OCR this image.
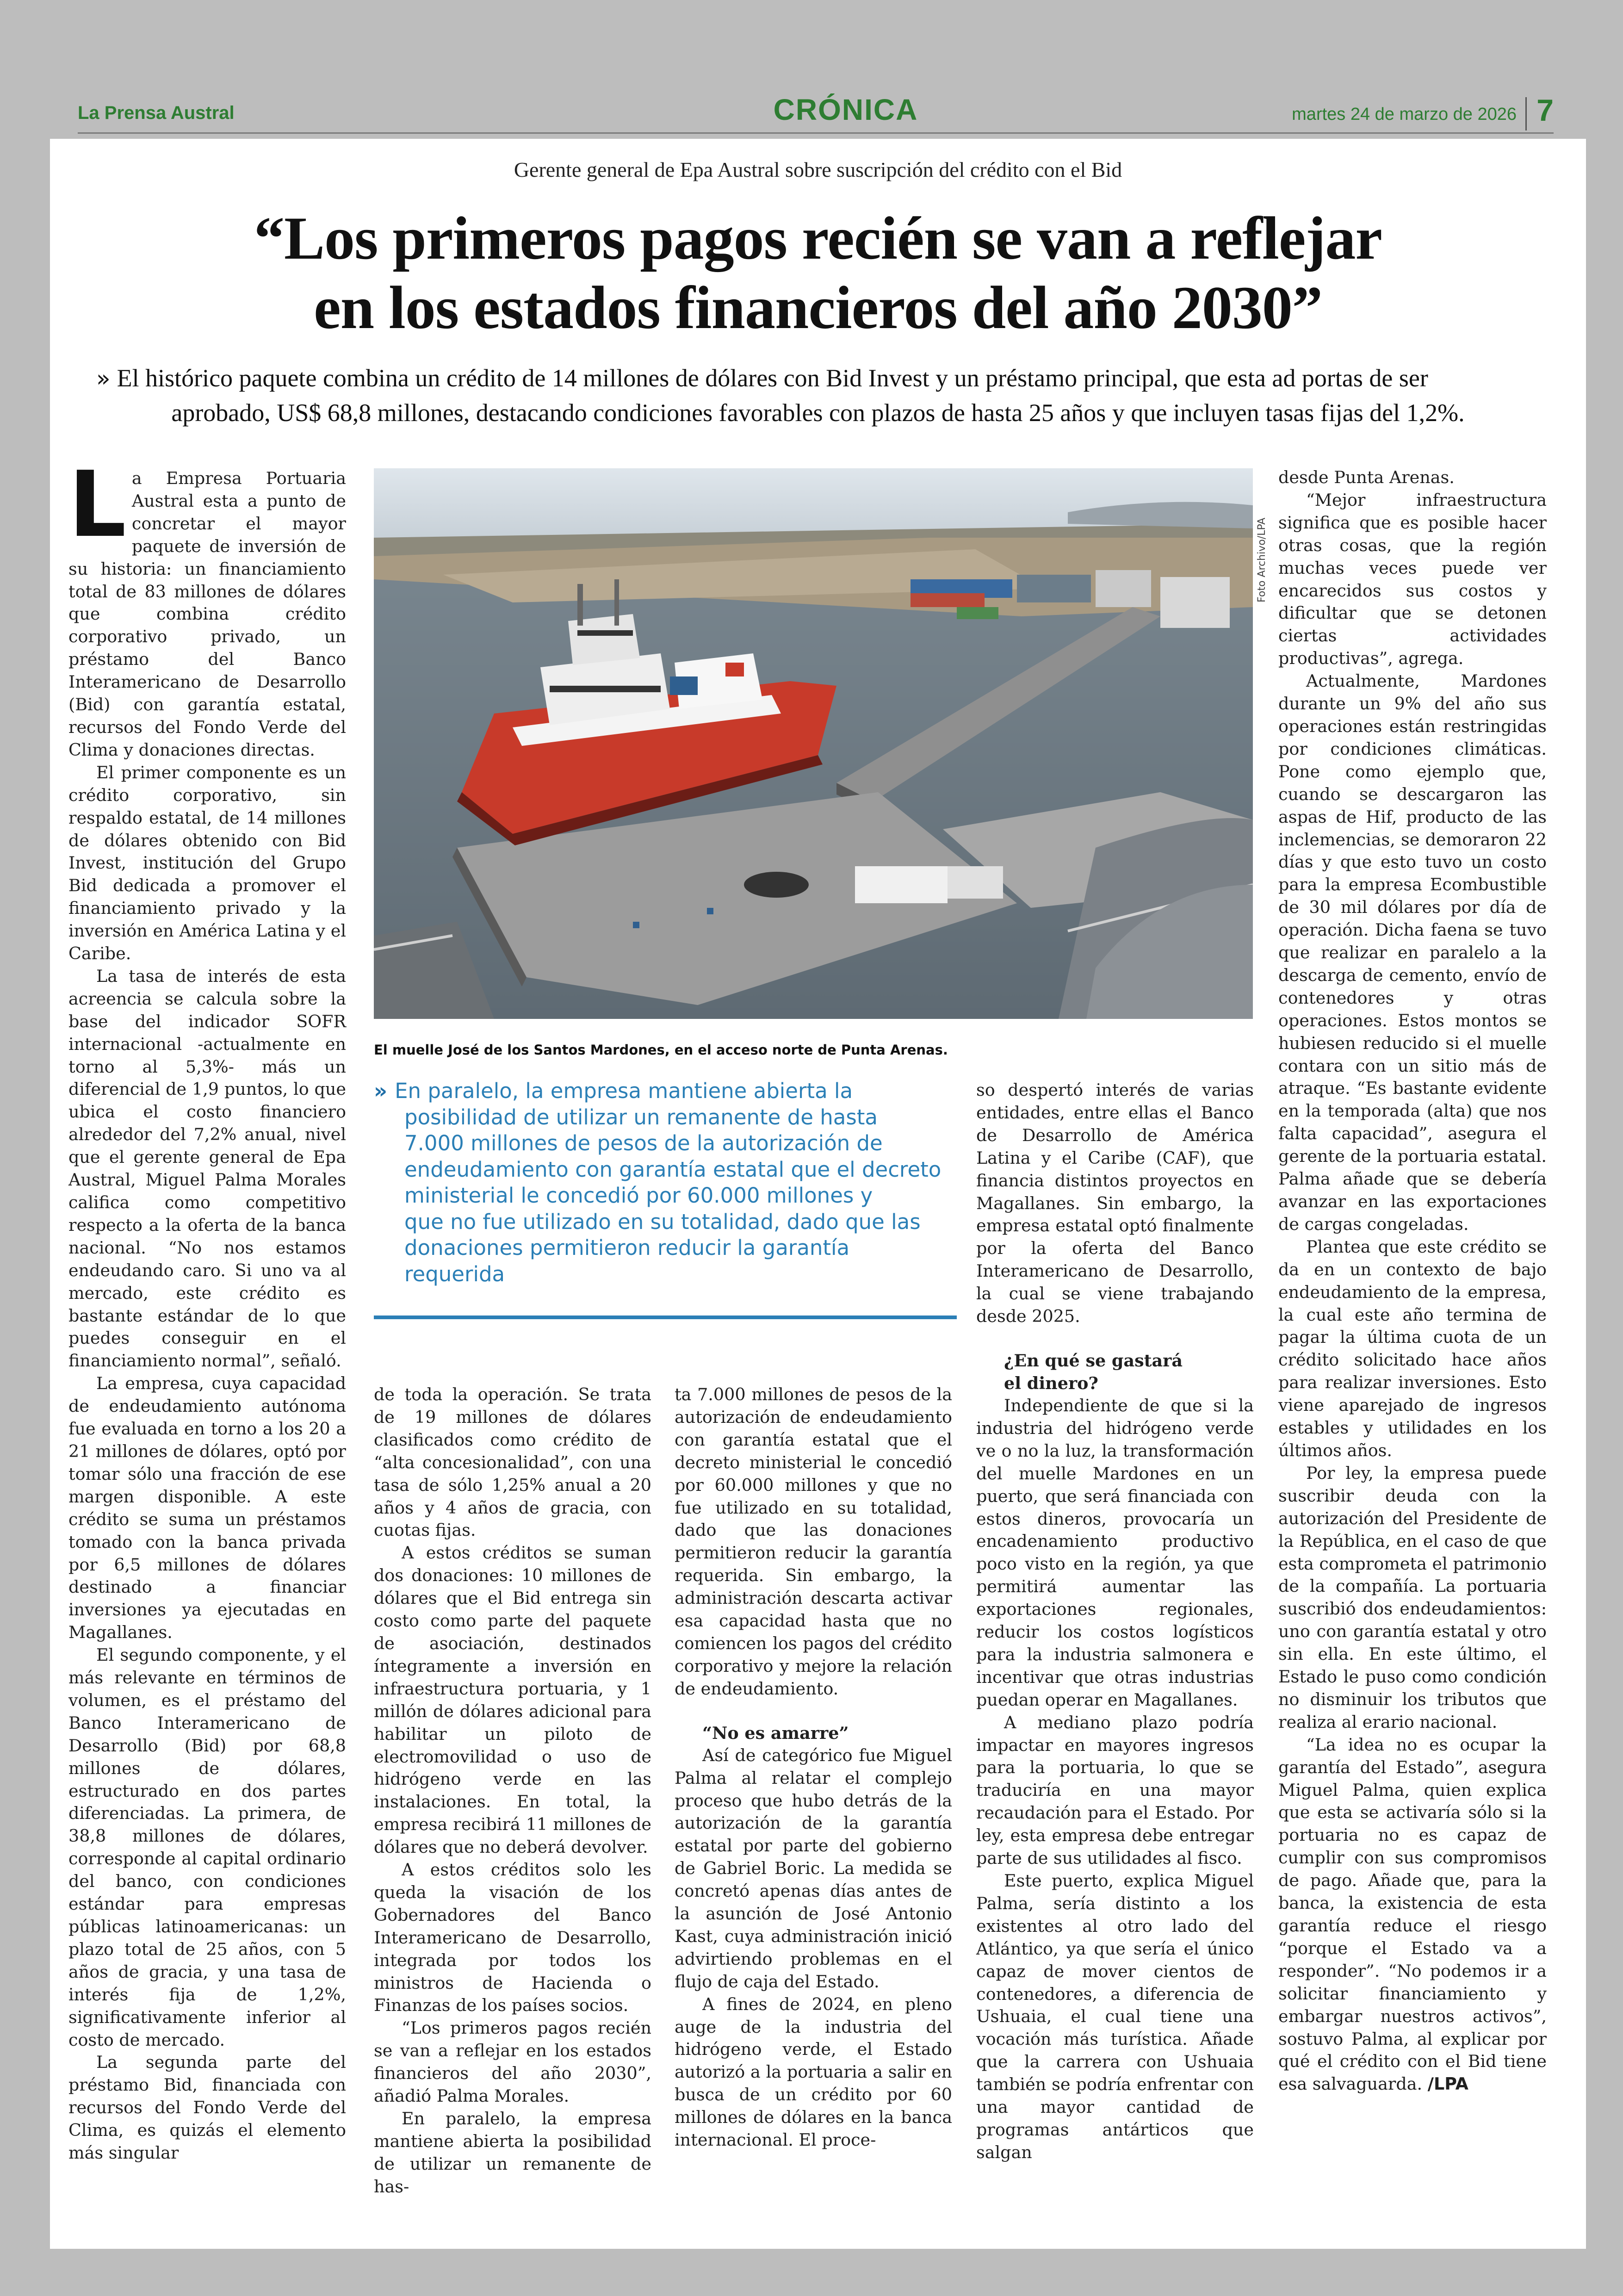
La Prensa Austral	CRÓNICA	martes 24 de marzo de 2026 7
Gerente general de Epa Austral sobre suscripción del crédito con el Bid
“Los primeros pagos recién se van a reflejar
en los estados financieros del año 2030”
» El histórico paquete combina un crédito de 14 millones de dólares con Bid Invest y un préstamo principal, que esta ad portas de ser
aprobado, US$ 68,8 millones, destacando condiciones favorables con plazos de hasta 25 años y que incluyen tasas fijas del 1,2%.

La Empresa Portuaria Austral esta a punto de concretar el mayor paquete de inversión de su historia: un financiamiento total de 83 millones de dólares que combina crédito corporativo privado, un préstamo del Banco Interamericano de Desarrollo (Bid) con garantía estatal, recursos del Fondo Verde del Clima y donaciones directas.

El primer componente es un crédito corporativo, sin respaldo estatal, de 14 millones de dólares obtenido con Bid Invest, institución del Grupo Bid dedicada a promover el financiamiento privado y la inversión en América Latina y el Caribe.

La tasa de interés de esta acreencia se calcula sobre la base del indicador SOFR internacional -actualmente en torno al 5,3%- más un diferencial de 1,9 puntos, lo que ubica el costo financiero alrededor del 7,2% anual, nivel que el gerente general de Epa Austral, Miguel Palma Morales califica como competitivo respecto a la oferta de la banca nacional. “No nos estamos endeudando caro. Si uno va al mercado, este crédito es bastante estándar de lo que puedes conseguir en el financiamiento normal”, señaló.

La empresa, cuya capacidad de endeudamiento autónoma fue evaluada en torno a los 20 a 21 millones de dólares, optó por tomar sólo una fracción de ese margen disponible. A este crédito se suma un préstamos tomado con la banca privada por 6,5 millones de dólares destinado a financiar inversiones ya ejecutadas en Magallanes.

El segundo componente, y el más relevante en términos de volumen, es el préstamo del Banco Interamericano de Desarrollo (Bid) por 68,8 millones de dólares, estructurado en dos partes diferenciadas. La primera, de 38,8 millones de dólares, corresponde al capital ordinario del banco, con condiciones estándar para empresas públicas latinoamericanas: un plazo total de 25 años, con 5 años de gracia, y una tasa de interés fija de 1,2%, significativamente inferior al costo de mercado.

La segunda parte del préstamo Bid, financiada con recursos del Fondo Verde del Clima, es quizás el elemento más singular

Foto Archivo/LPA
El muelle José de los Santos Mardones, en el acceso norte de Punta Arenas.
» En paralelo, la empresa mantiene abierta la
posibilidad de utilizar un remanente de hasta
7.000 millones de pesos de la autorización de
endeudamiento con garantía estatal que el decreto
ministerial le concedió por 60.000 millones y
que no fue utilizado en su totalidad, dado que las
donaciones permitieron reducir la garantía requerida

de toda la operación. Se trata de 19 millones de dólares clasificados como crédito de “alta concesionalidad”, con una tasa de sólo 1,25% anual a 20 años y 4 años de gracia, con cuotas fijas.

A estos créditos se suman dos donaciones: 10 millones de dólares que el Bid entrega sin costo como parte del paquete de asociación, destinados íntegramente a inversión en infraestructura portuaria, y 1 millón de dólares adicional para habilitar un piloto de electromovilidad o uso de hidrógeno verde en las instalaciones. En total, la empresa recibirá 11 millones de dólares que no deberá devolver.

A estos créditos solo les queda la visación de los Gobernadores del Banco Interamericano de Desarrollo, integrada por todos los ministros de Hacienda o Finanzas de los países socios.

“Los primeros pagos recién se van a reflejar en los estados financieros del año 2030”, añadió Palma Morales.

En paralelo, la empresa mantiene abierta la posibilidad de utilizar un remanente de has-

ta 7.000 millones de pesos de la autorización de endeudamiento con garantía estatal que el decreto ministerial le concedió por 60.000 millones y que no fue utilizado en su totalidad, dado que las donaciones permitieron reducir la garantía requerida. Sin embargo, la administración descarta activar esa capacidad hasta que no comiencen los pagos del crédito corporativo y mejore la relación de endeudamiento.

“No es amarre”

Así de categórico fue Miguel Palma al relatar el complejo proceso que hubo detrás de la autorización de la garantía estatal por parte del gobierno de Gabriel Boric. La medida se concretó apenas días antes de la asunción de José Antonio Kast, cuya administración inició advirtiendo problemas en el flujo de caja del Estado.

A fines de 2024, en pleno auge de la industria del hidrógeno verde, el Estado autorizó a la portuaria a salir en busca de un crédito por 60 millones de dólares en la banca internacional. El proce-

so despertó interés de varias entidades, entre ellas el Banco de Desarrollo de América Latina y el Caribe (CAF), que financia distintos proyectos en Magallanes. Sin embargo, la empresa estatal optó finalmente por la oferta del Banco Interamericano de Desarrollo, la cual se viene trabajando desde 2025.

¿En qué se gastará

el dinero?

Independiente de que si la industria del hidrógeno verde ve o no la luz, la transformación del muelle Mardones en un puerto, que será financiada con estos dineros, provocaría un encadenamiento productivo poco visto en la región, ya que permitirá aumentar las exportaciones regionales, reducir los costos logísticos para la industria salmonera e incentivar que otras industrias puedan operar en Magallanes.

A mediano plazo podría impactar en mayores ingresos para la portuaria, lo que se traduciría en una mayor recaudación para el Estado. Por ley, esta empresa debe entregar parte de sus utilidades al fisco.

Este puerto, explica Miguel Palma, sería distinto a los existentes al otro lado del Atlántico, ya que sería el único capaz de mover cientos de contenedores, a diferencia de Ushuaia, el cual tiene una vocación más turística. Añade que la carrera con Ushuaia también se podría enfrentar con una mayor cantidad de programas antárticos que salgan

desde Punta Arenas.

“Mejor infraestructura significa que es posible hacer otras cosas, que la región muchas veces puede ver encarecidos sus costos y dificultar que se detonen ciertas actividades productivas”, agrega.

Actualmente, Mardones durante un 9% del año sus operaciones están restringidas por condiciones climáticas. Pone como ejemplo que, cuando se descargaron las aspas de Hif, producto de las inclemencias, se demoraron 22 días y que esto tuvo un costo para la empresa Ecombustible de 30 mil dólares por día de operación. Dicha faena se tuvo que realizar en paralelo a la descarga de cemento, envío de contenedores y otras operaciones. Estos montos se hubiesen reducido si el muelle contara con un sitio más de atraque. “Es bastante evidente en la temporada (alta) que nos falta capacidad”, asegura el gerente de la portuaria estatal. Palma añade que se debería avanzar en las exportaciones de cargas congeladas.

Plantea que este crédito se da en un contexto de bajo endeudamiento de la empresa, la cual este año termina de pagar la última cuota de un crédito solicitado hace años para realizar inversiones. Esto viene aparejado de ingresos estables y utilidades en los últimos años.

Por ley, la empresa puede suscribir deuda con la autorización del Presidente de la República, en el caso de que esta comprometa el patrimonio de la compañía. La portuaria suscribió dos endeudamientos: uno con garantía estatal y otro sin ella. En este último, el Estado le puso como condición no disminuir los tributos que realiza al erario nacional.

“La idea no es ocupar la garantía del Estado”, asegura Miguel Palma, quien explica que esta se activaría sólo si la portuaria no es capaz de cumplir con sus compromisos de pago. Añade que, para la banca, la existencia de esta garantía reduce el riesgo “porque el Estado va a responder”. “No podemos ir a solicitar financiamiento y embargar nuestros activos”, sostuvo Palma, al explicar por qué el crédito con el Bid tiene esa salvaguarda. /LPA
